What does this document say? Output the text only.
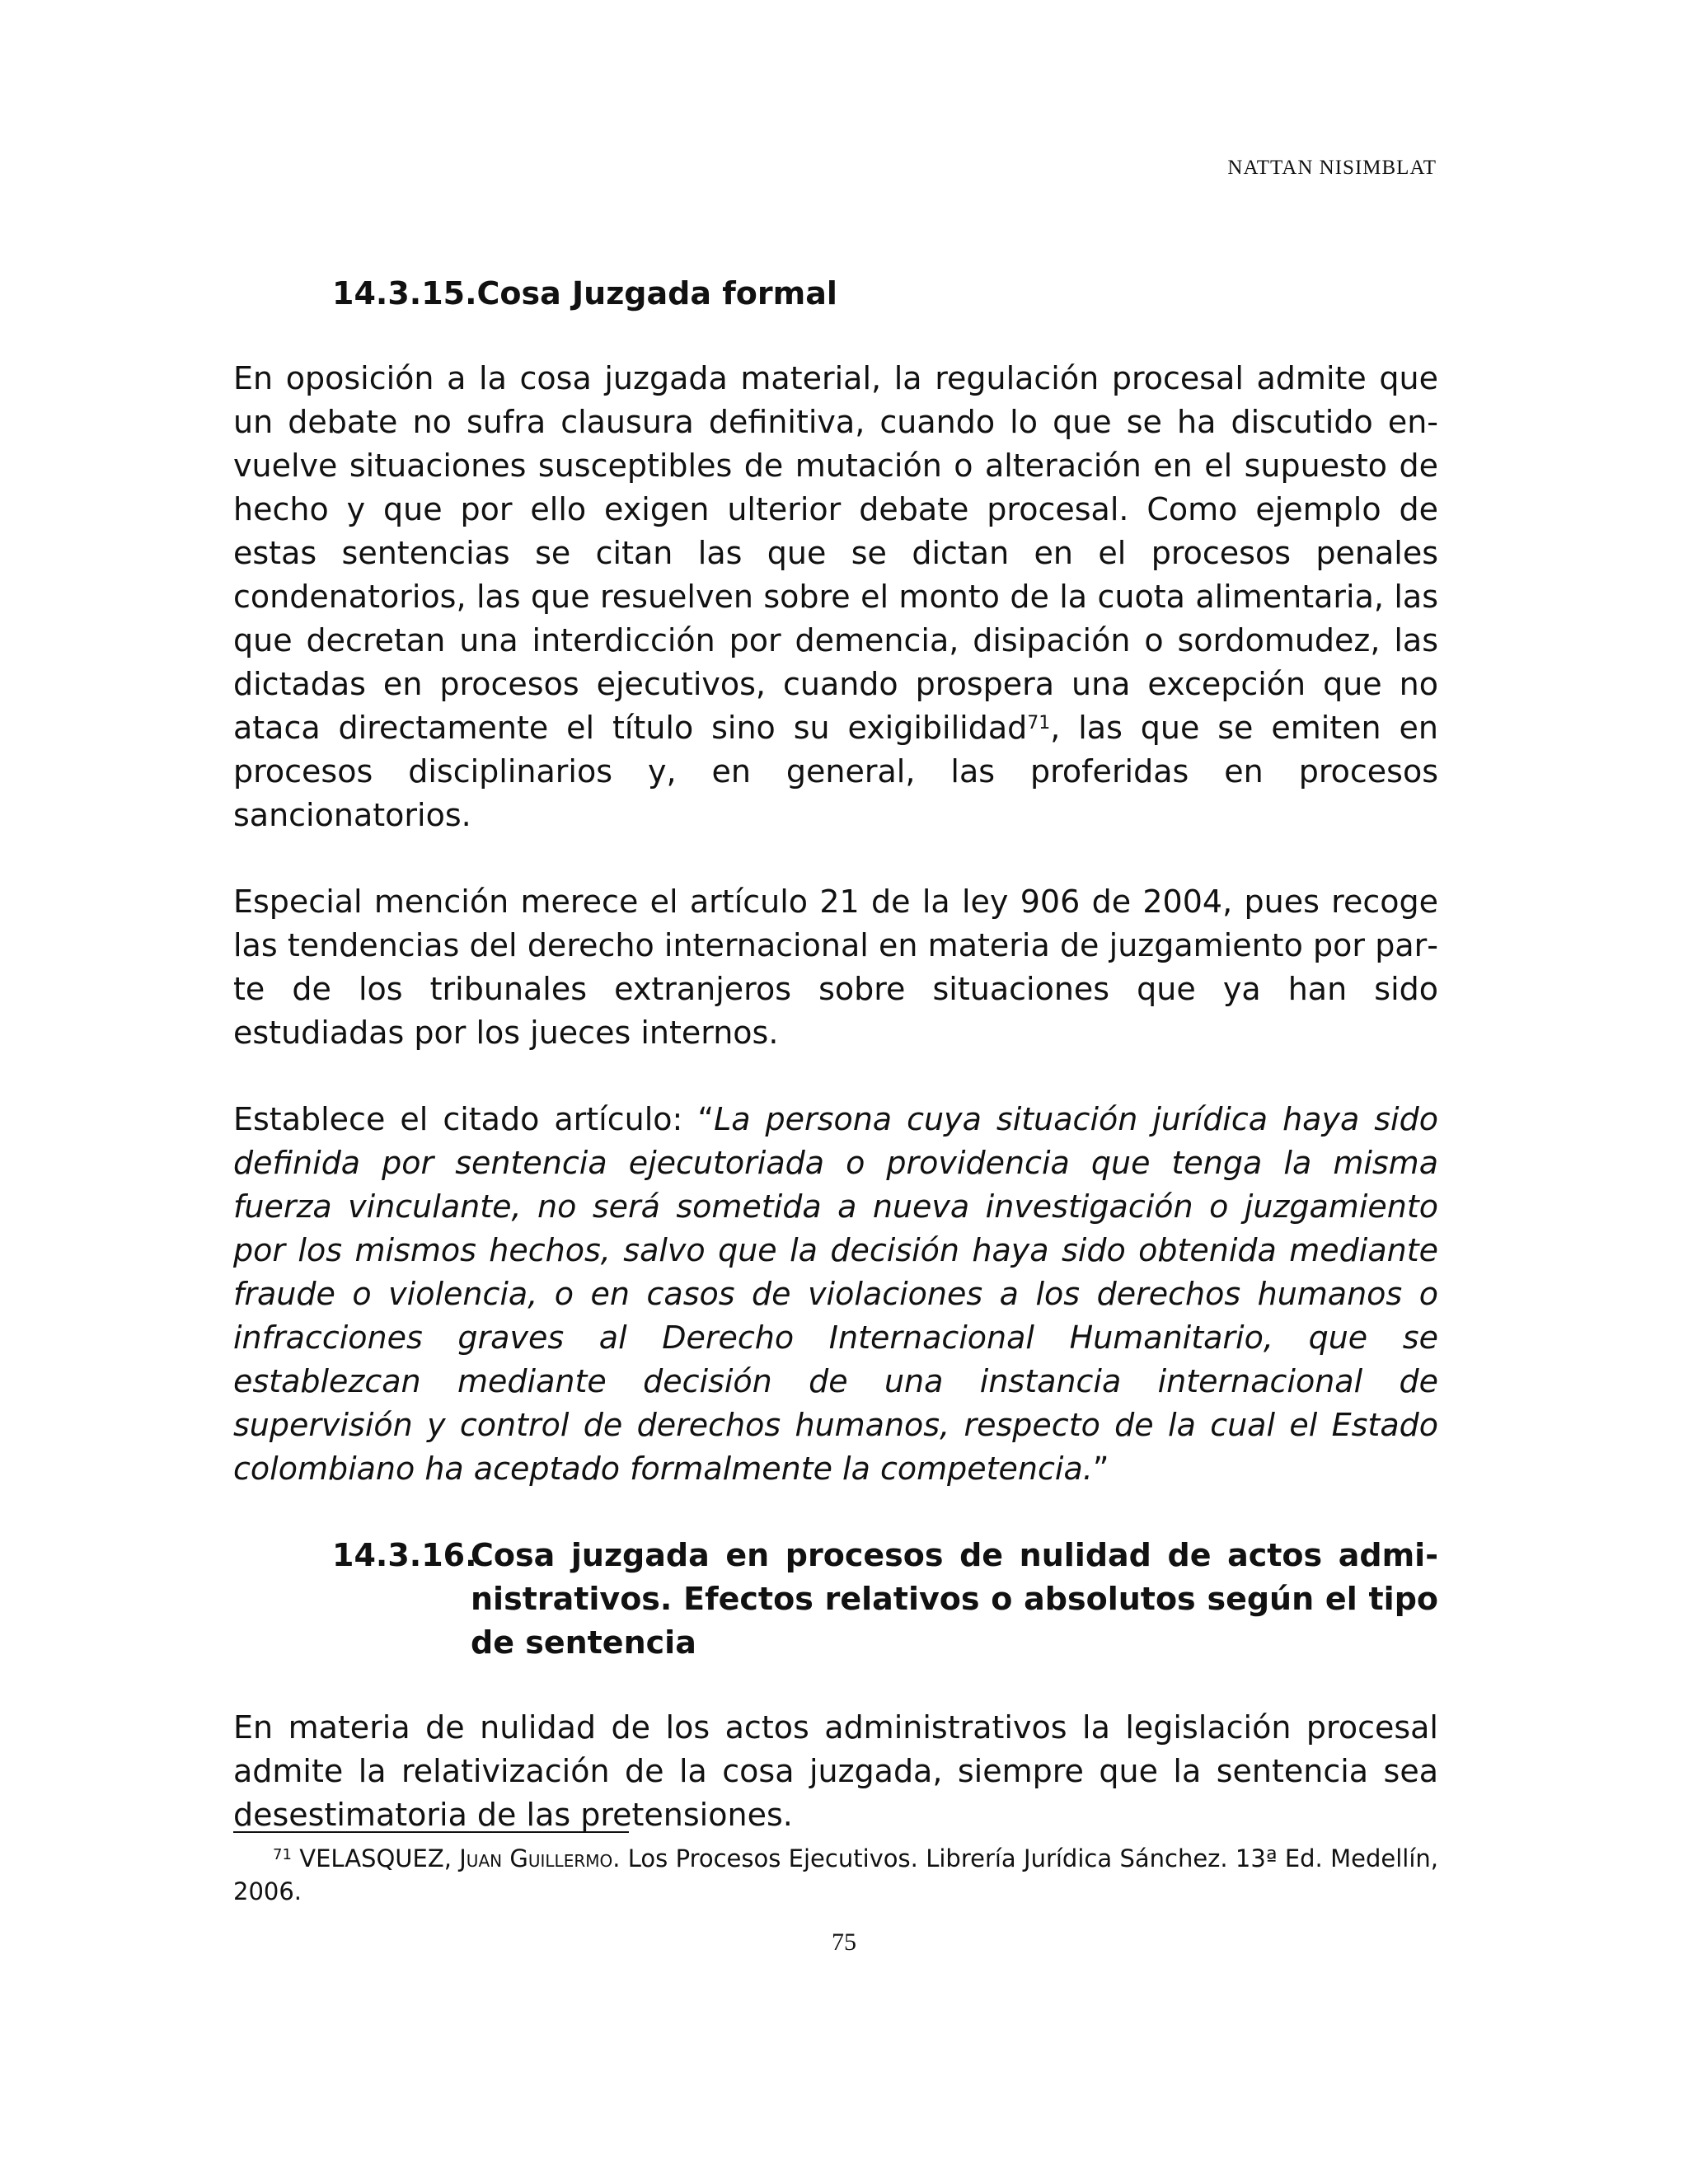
NATTAN NISIMBLAT
14.3.15. Cosa Juzgada formal

En oposición a la cosa juzgada material, la regulación procesal admite que un debate no sufra clausura definitiva, cuando lo que se ha discutido envuelve situaciones susceptibles de mutación o alteración en el supuesto de hecho y que por ello exigen ulterior debate procesal. Como ejemplo de estas sentencias se citan las que se dictan en el procesos penales condenatorios, las que resuelven sobre el monto de la cuota alimentaria, las que decretan una interdicción por demencia, disipación o sordomudez, las dictadas en procesos ejecutivos, cuando prospera una excepción que no ataca directamente el título sino su exigibilidad$^{71}$, las que se emiten en procesos disciplinarios y, en general, las proferidas en procesos sancionatorios.

Especial mención merece el artículo 21 de la ley 906 de 2004, pues recoge las tendencias del derecho internacional en materia de juzgamiento por parte de los tribunales extranjeros sobre situaciones que ya han sido estudiadas por los jueces internos.

Establece el citado artículo: “La persona cuya situación jurídica haya sido definida por sentencia ejecutoriada o providencia que tenga la misma fuerza vinculante, no será sometida a nueva investigación o juzgamiento por los mismos hechos, salvo que la decisión haya sido obtenida mediante fraude o violencia, o en casos de violaciones a los derechos humanos o infracciones graves al Derecho Internacional Humanitario, que se establezcan mediante decisión de una instancia internacional de supervisión y control de derechos humanos, respecto de la cual el Estado colombiano ha aceptado formalmente la competencia.”

14.3.16.
Cosa juzgada en procesos de nulidad de actos administrativos. Efectos relativos o absolutos según el tipo de sentencia

En materia de nulidad de los actos administrativos la legislación procesal admite la relativización de la cosa juzgada, siempre que la sentencia sea desestimatoria de las pretensiones.

$^{71}$ VELASQUEZ, Juan Guillermo. Los Procesos Ejecutivos. Librería Jurídica Sánchez. 13ª Ed. Medellín, 2006.
75
